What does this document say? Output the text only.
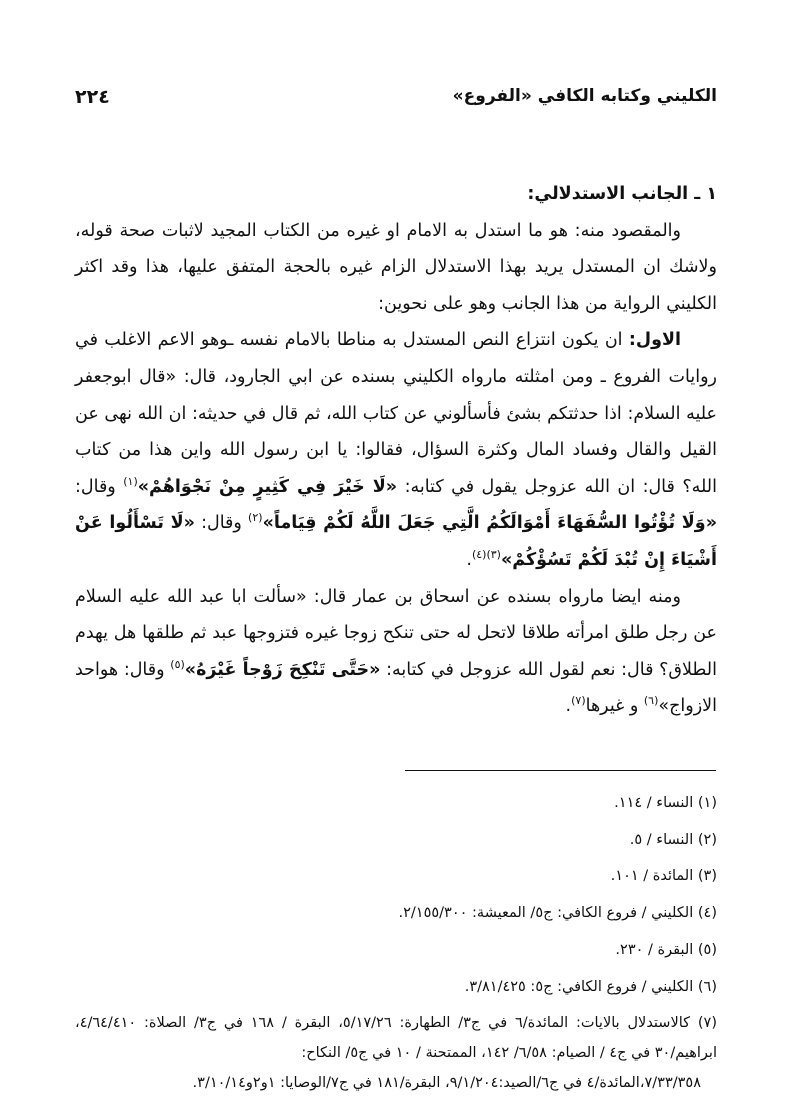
الكليني وكتابه الكافي «الفروع»
٢٢٤

١ ـ الجانب الاستدلالي:

والمقصود منه: هو ما استدل به الامام او غيره من الكتاب المجيد لاثبات صحة قوله، ولاشك ان المستدل يريد بهذا الاستدلال الزام غيره بالحجة المتفق عليها، هذا وقد اكثر الكليني الرواية من هذا الجانب وهو على نحوين:

الاول: ان يكون انتزاع النص المستدل به مناطا بالامام نفسه ـوهو الاعم الاغلب في روايات الفروع ـ ومن امثلته مارواه الكليني بسنده عن ابي الجارود، قال: «قال ابوجعفر عليه السلام: اذا حدثتكم بشئ فأسألوني عن كتاب الله، ثم قال في حديثه: ان الله نهى عن القيل والقال وفساد المال وكثرة السؤال، فقالوا: يا ابن رسول الله واين هذا من كتاب الله؟ قال: ان الله عزوجل يقول في كتابه: «لَا خَيْرَ فِي كَثِيرٍ مِنْ نَجْوَاهُمْ»$^{(١)}$ وقال: «وَلَا تُؤْتُوا السُّفَهَاءَ أَمْوَالَكُمُ الَّتِي جَعَلَ اللَّهُ لَكُمْ قِيَاماً»$^{(٢)}$ وقال: «لَا تَسْأَلُوا عَنْ أَشْيَاءَ إِنْ تُبْدَ لَكُمْ تَسُؤْكُمْ»$^{(٣)(٤)}$.

ومنه ايضا مارواه بسنده عن اسحاق بن عمار قال: «سألت ابا عبد الله عليه السلام عن رجل طلق امرأته طلاقا لاتحل له حتى تنكح زوجا غيره فتزوجها عبد ثم طلقها هل يهدم الطلاق؟ قال: نعم لقول الله عزوجل في كتابه: «حَتَّى تَنْكِحَ زَوْجاً غَيْرَهُ»$^{(٥)}$ وقال: هواحد الازواج»$^{(٦)}$ و غيرها$^{(٧)}$.

(١) النساء / ١١٤.
(٢) النساء / ٥.
(٣) المائدة / ١٠١.
(٤) الكليني / فروع الكافي: ج٥/ المعيشة: ٢/١٥٥/٣٠٠.
(٥) البقرة / ٢٣٠.
(٦) الكليني / فروع الكافي: ج٥: ٣/٨١/٤٢٥.
(٧) كالاستدلال بالايات: المائدة/٦ في ج٣/ الطهارة: ٥/١٧/٢٦، البقرة / ١٦٨ في ج٣/ الصلاة: ٤/٦٤/٤١٠، ابراهيم/٣٠ في ج٤ / الصيام: ٦/٥٨/ ١٤٢، الممتحنة / ١٠ في ج٥/ النكاح:
٧/٣٣/٣٥٨،المائدة/٤ في ج٦/الصيد:٩/١/٢٠٤، البقرة/١٨١ في ج٧/الوصايا: ١و٢و٣/١٠/١٤.
